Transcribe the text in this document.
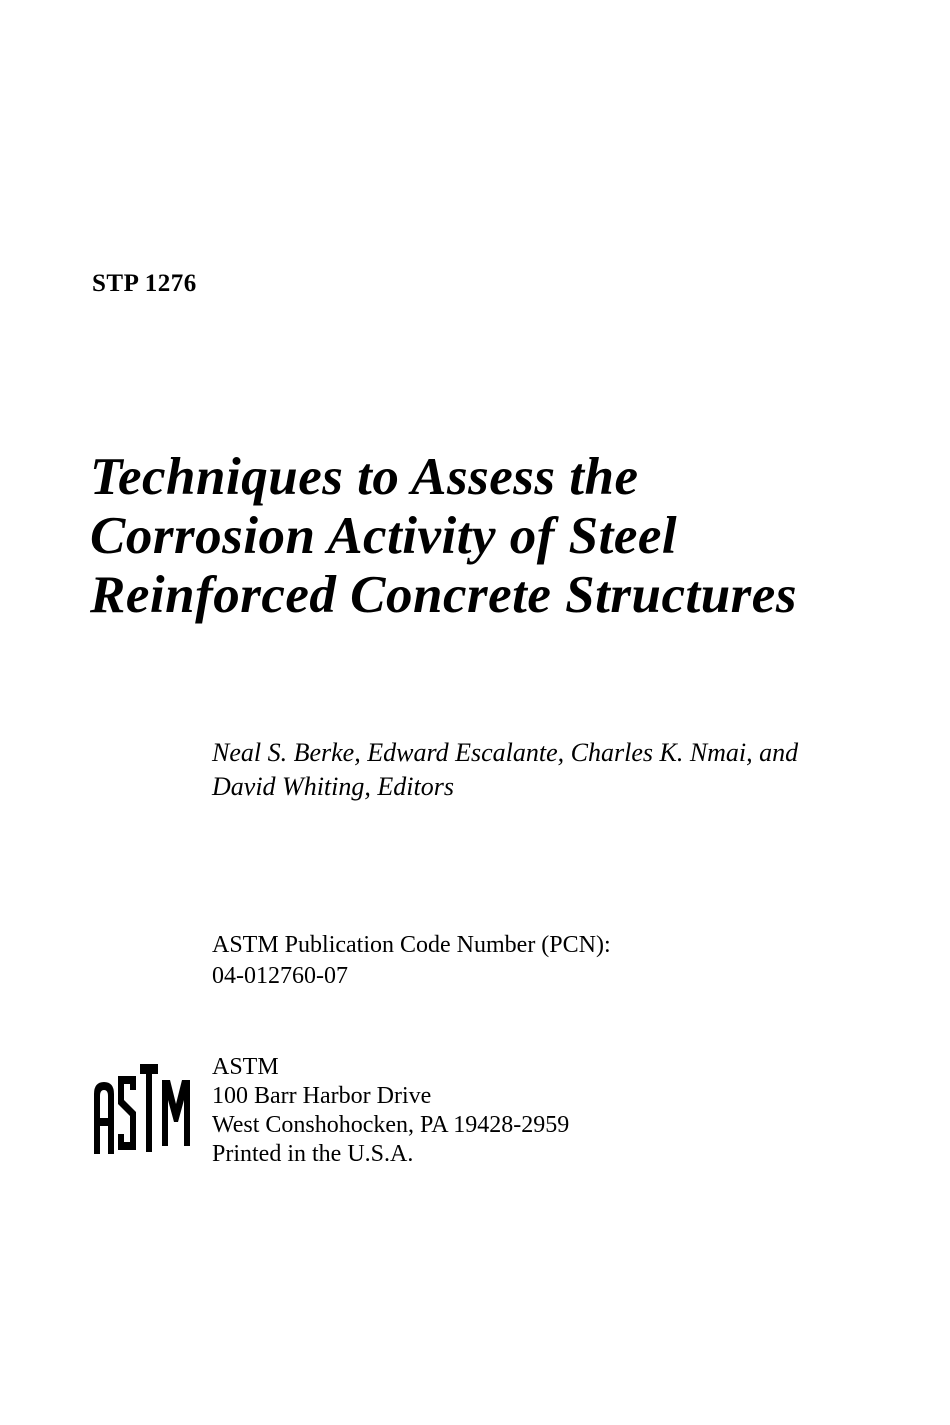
STP 1276
Techniques to Assess the
Corrosion Activity of Steel
Reinforced Concrete Structures
Neal S. Berke, Edward Escalante, Charles K. Nmai, and
David Whiting, Editors
ASTM Publication Code Number (PCN):
04-012760-07
ASTM
100 Barr Harbor Drive
West Conshohocken, PA 19428-2959
Printed in the U.S.A.
